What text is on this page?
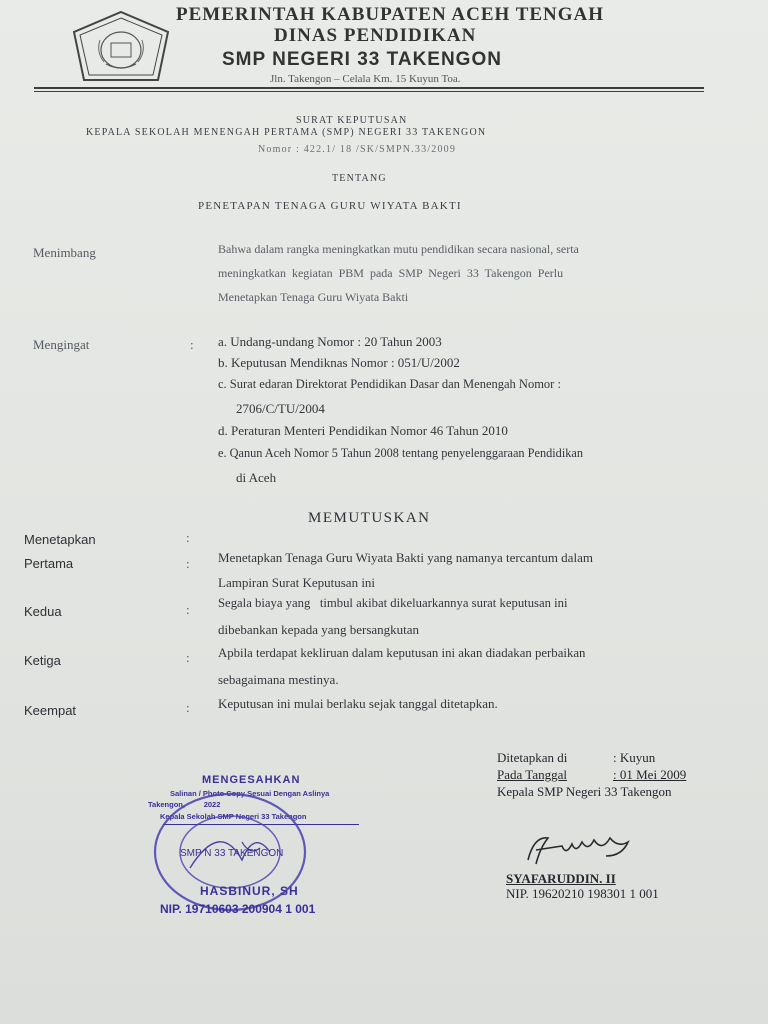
PEMERINTAH KABUPATEN ACEH TENGAH
DINAS PENDIDIKAN
SMP NEGERI 33 TAKENGON
Jln. Takengon – Celala Km. 15 Kuyun Toa.
SURAT KEPUTUSAN
KEPALA SEKOLAH MENENGAH PERTAMA (SMP) NEGERI 33 TAKENGON
Nomor : 422.1/ 18 /SK/SMPN.33/2009
TENTANG
PENETAPAN TENAGA GURU WIYATA BAKTI
Menimbang	Bahwa dalam rangka meningkatkan mutu pendidikan secara nasional, serta
meningkatkan kegiatan PBM pada SMP Negeri 33 Takengon Perlu
Menetapkan Tenaga Guru Wiyata Bakti
Mengingat	: a. Undang-undang Nomor : 20 Tahun 2003
b. Keputusan Mendiknas Nomor : 051/U/2002
c. Surat edaran Direktorat Pendidikan Dasar dan Menengah Nomor :
2706/C/TU/2004
d. Peraturan Menteri Pendidikan Nomor 46 Tahun 2010
e. Qanun Aceh Nomor 5 Tahun 2008 tentang penyelenggaraan Pendidikan
di Aceh
MEMUTUSKAN
Menetapkan	:
Pertama	: Menetapkan Tenaga Guru Wiyata Bakti yang namanya tercantum dalam
Lampiran Surat Keputusan ini
Kedua	: Segala biaya yang   timbul akibat dikeluarkannya surat keputusan ini
dibebankan kepada yang bersangkutan
Ketiga	: Apbila terdapat kekliruan dalam keputusan ini akan diadakan perbaikan
sebagaimana mestinya.
Keempat	: Keputusan ini mulai berlaku sejak tanggal ditetapkan.
Ditetapkan di	: Kuyun
Pada Tanggal	: 01 Mei 2009
Kepala SMP Negeri 33 Takengon
SYAFARUDDIN. II
NIP. 19620210 198301 1 001
MENGESAHKAN
Salinan / Photo Copy Sesuai Dengan Aslinya
Takengon,         2022
Kepala Sekolah SMP Negeri 33 Takengon
SMP N 33 TAKENGON
HASBINUR, SH
NIP. 19710603 200904 1 001
